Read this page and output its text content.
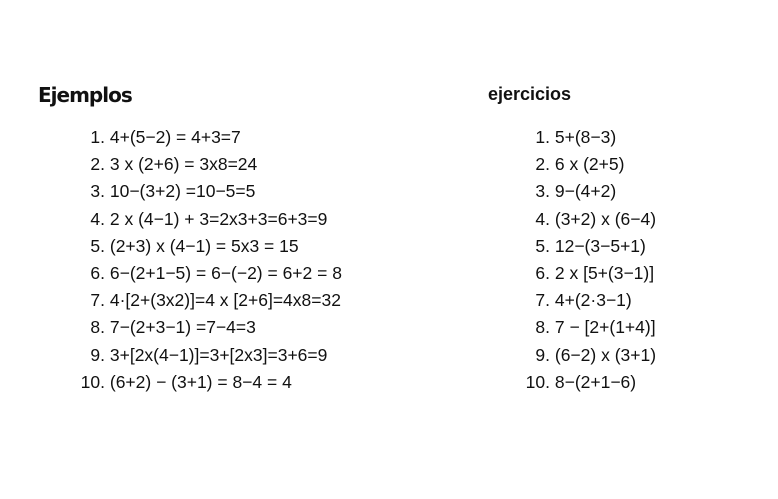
Ejemplos
1. 4+(5−2) = 4+3=7
2. 3 x (2+6) = 3x8=24
3. 10−(3+2) =10−5=5
4. 2 x (4−1) + 3=2x3+3=6+3=9
5. (2+3) x (4−1) = 5x3 = 15
6. 6−(2+1−5) = 6−(−2) = 6+2 = 8
7. 4·[2+(3x2)]=4 x [2+6]=4x8=32
8. 7−(2+3−1) =7−4=3
9. 3+[2x(4−1)]=3+[2x3]=3+6=9
10. (6+2) − (3+1) = 8−4 = 4
ejercicios
1. 5+(8−3)
2. 6 x (2+5)
3. 9−(4+2)
4. (3+2) x (6−4)
5. 12−(3−5+1)
6. 2 x [5+(3−1)]
7. 4+(2·3−1)
8. 7 − [2+(1+4)]
9. (6−2) x (3+1)
10. 8−(2+1−6)
